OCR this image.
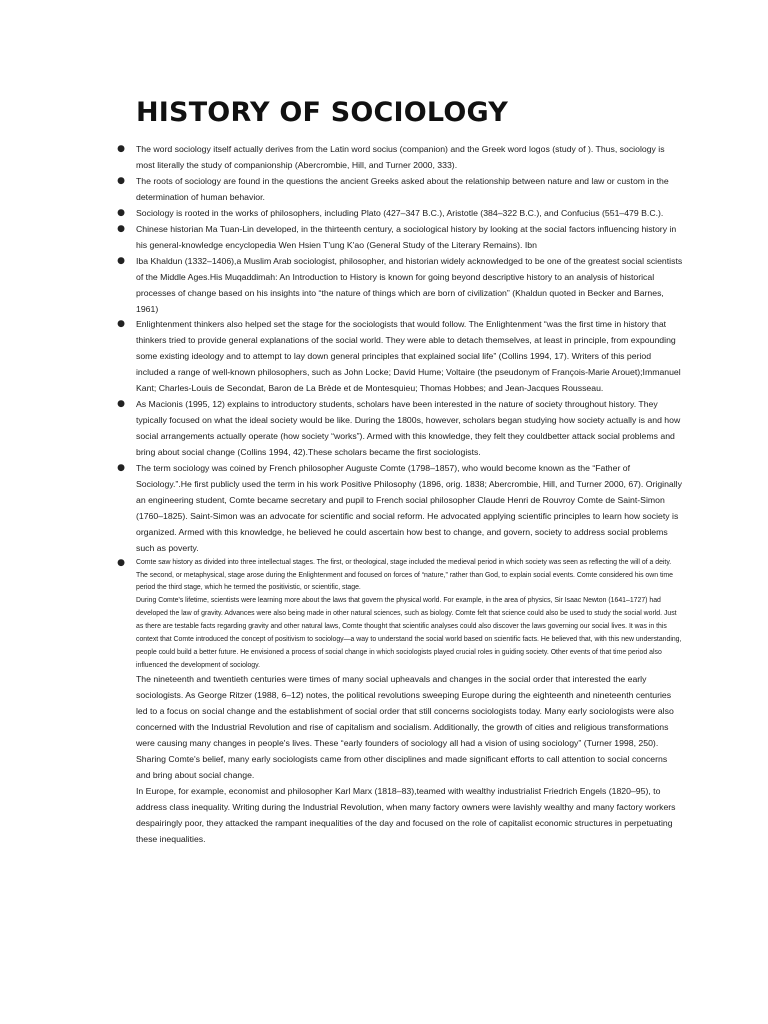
HISTORY OF SOCIOLOGY
●	The word sociology itself actually derives from the Latin word socius (companion) and the Greek word logos (study of ). Thus, sociology is most literally the study of companionship (Abercrombie, Hill, and Turner 2000, 333).
●	The roots of sociology are found in the questions the ancient Greeks asked about the relationship between nature and law or custom in the determination of human behavior.
●	Sociology is rooted in the works of philosophers, including Plato (427–347 B.C.), Aristotle (384–322 B.C.), and Confucius (551–479 B.C.).
●	Chinese historian Ma Tuan-Lin developed, in the thirteenth century, a sociological history by looking at the social factors influencing history in his general-knowledge encyclopedia Wen Hsien T'ung K'ao (General Study of the Literary Remains). Ibn
●	Iba Khaldun (1332–1406),a Muslim Arab sociologist, philosopher, and historian widely acknowledged to be one of the greatest social scientists of the Middle Ages.His Muqaddimah: An Introduction to History is known for going beyond descriptive history to an analysis of historical processes of change based on his insights into “the nature of things which are born of civilization” (Khaldun quoted in Becker and Barnes, 1961)
●	Enlightenment thinkers also helped set the stage for the sociologists that would follow. The Enlightenment “was the first time in history that thinkers tried to provide general explanations of the social world. They were able to detach themselves, at least in principle, from expounding some existing ideology and to attempt to lay down general principles that explained social life” (Collins 1994, 17). Writers of this period included a range of well-known philosophers, such as John Locke; David Hume; Voltaire (the pseudonym of François-Marie Arouet);Immanuel Kant; Charles-Louis de Secondat, Baron de La Brède et de Montesquieu; Thomas Hobbes; and Jean-Jacques Rousseau.
●	As Macionis (1995, 12) explains to introductory students, scholars have been interested in the nature of society throughout history. They typically focused on what the ideal society would be like. During the 1800s, however, scholars began studying how society actually is and how social arrangements actually operate (how society “works”). Armed with this knowledge, they felt they couldbetter attack social problems and bring about social change (Collins 1994, 42).These scholars became the first sociologists.
●	The term sociology was coined by French philosopher Auguste Comte (1798–1857), who would become known as the “Father of Sociology.”.He first publicly used the term in his work Positive Philosophy (1896, orig. 1838; Abercrombie, Hill, and Turner 2000, 67). Originally an engineering student, Comte became secretary and pupil to French social philosopher Claude Henri de Rouvroy Comte de Saint-Simon (1760–1825). Saint-Simon was an advocate for scientific and social reform. He advocated applying scientific principles to learn how society is organized. Armed with this knowledge, he believed he could ascertain how best to change, and govern, society to address social problems such as poverty.
●	Comte saw history as divided into three intellectual stages. The first, or theological, stage included the medieval period in which society was seen as reflecting the will of a deity. The second, or metaphysical, stage arose during the Enlightenment and focused on forces of “nature,” rather than God, to explain social events. Comte considered his own time period the third stage, which he termed the positivistic, or scientific, stage.

During Comte's lifetime, scientists were learning more about the laws that govern the physical world. For example, in the area of physics, Sir Isaac Newton (1641–1727) had developed the law of gravity. Advances were also being made in other natural sciences, such as biology. Comte felt that science could also be used to study the social world. Just as there are testable facts regarding gravity and other natural laws, Comte thought that scientific analyses could also discover the laws governing our social lives. It was in this context that Comte introduced the concept of positivism to sociology—a way to understand the social world based on scientific facts. He believed that, with this new understanding, people could build a better future. He envisioned a process of social change in which sociologists played crucial roles in guiding society. Other events of that time period also influenced the development of sociology.

The nineteenth and twentieth centuries were times of many social upheavals and changes in the social order that interested the early sociologists. As George Ritzer (1988, 6–12) notes, the political revolutions sweeping Europe during the eighteenth and nineteenth centuries led to a focus on social change and the establishment of social order that still concerns sociologists today. Many early sociologists were also concerned with the Industrial Revolution and rise of capitalism and socialism. Additionally, the growth of cities and religious transformations were causing many changes in people's lives. These “early founders of sociology all had a vision of using sociology” (Turner 1998, 250). Sharing Comte's belief, many early sociologists came from other disciplines and made significant efforts to call attention to social concerns and bring about social change.

In Europe, for example, economist and philosopher Karl Marx (1818–83),teamed with wealthy industrialist Friedrich Engels (1820–95), to address class inequality. Writing during the Industrial Revolution, when many factory owners were lavishly wealthy and many factory workers despairingly poor, they attacked the rampant inequalities of the day and focused on the role of capitalist economic structures in perpetuating these inequalities.
